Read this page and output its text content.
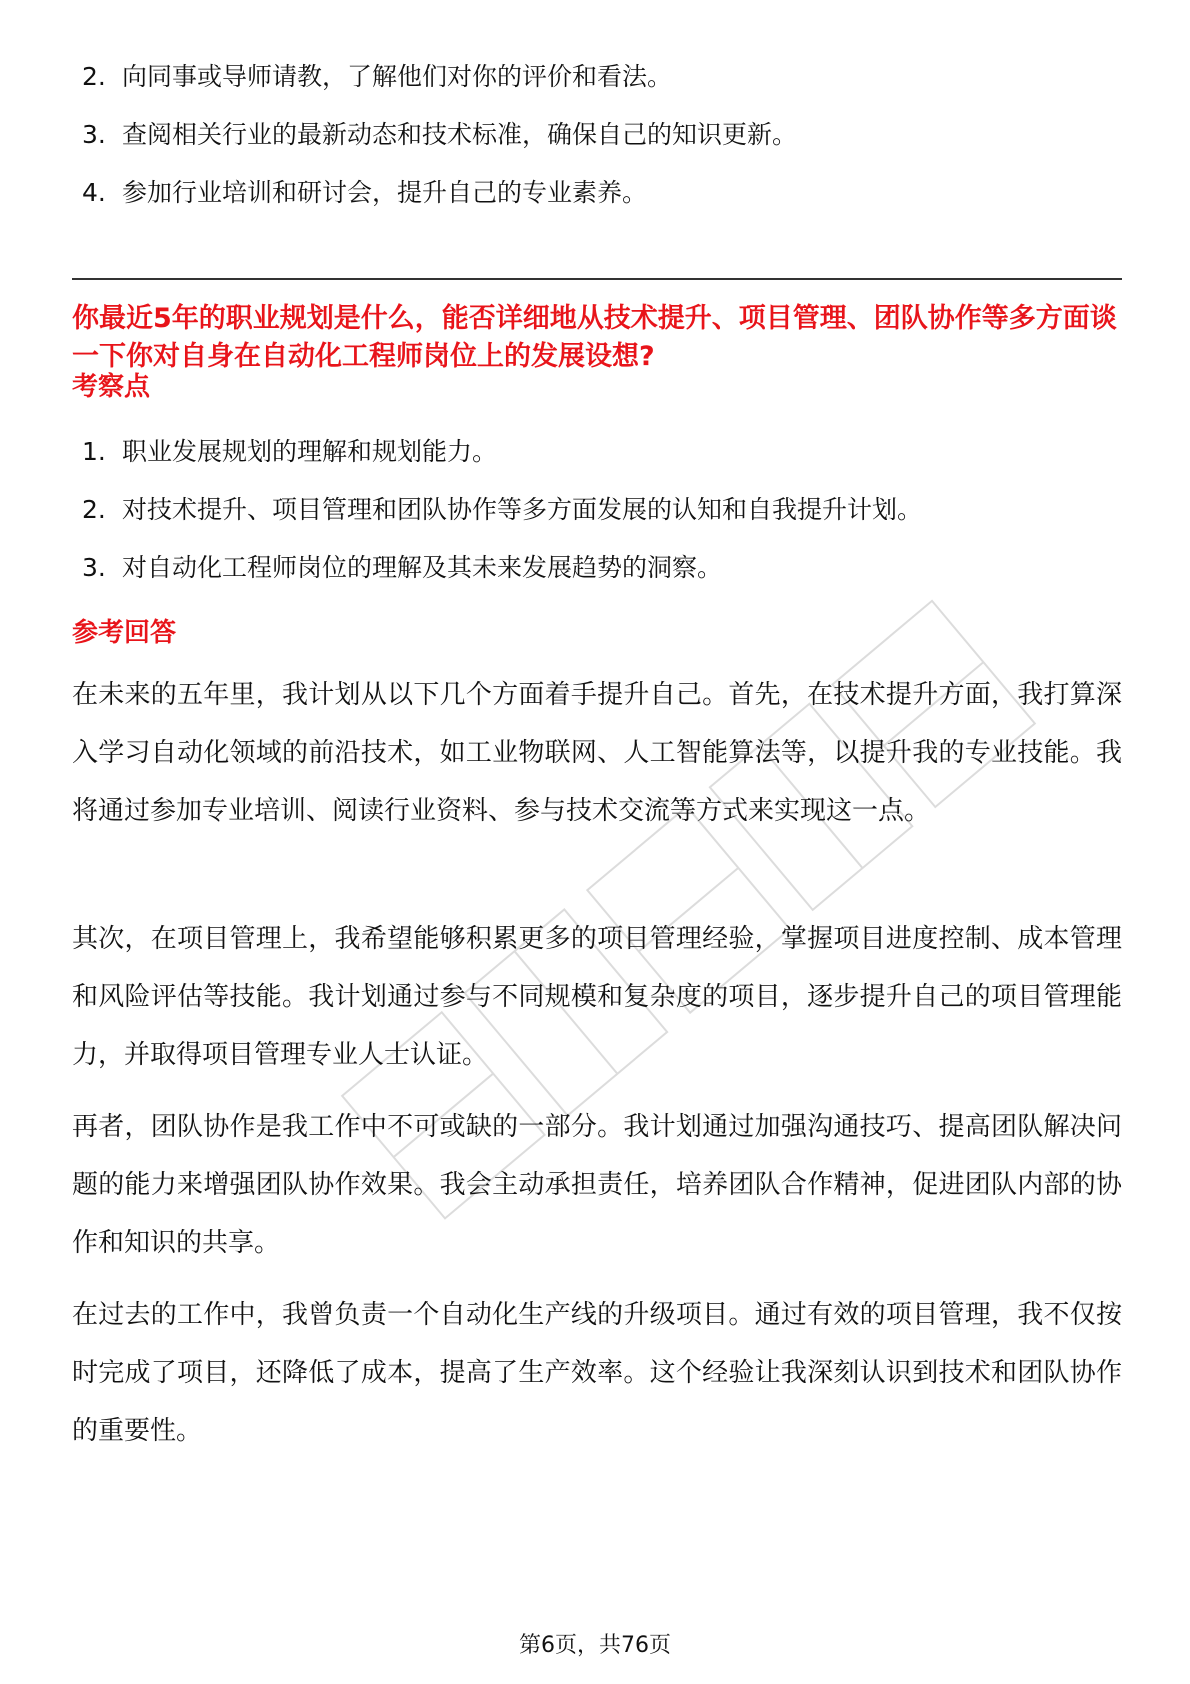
2. 向同事或导师请教，了解他们对你的评价和看法。
3. 查阅相关行业的最新动态和技术标准，确保自己的知识更新。
4. 参加行业培训和研讨会，提升自己的专业素养。
你最近5年的职业规划是什么，能否详细地从技术提升、项目管理、团队协作等多方面谈一下你对自身在自动化工程师岗位上的发展设想?
考察点
1. 职业发展规划的理解和规划能力。
2. 对技术提升、项目管理和团队协作等多方面发展的认知和自我提升计划。
3. 对自动化工程师岗位的理解及其未来发展趋势的洞察。
参考回答

在未来的五年里，我计划从以下几个方面着手提升自己。首先，在技术提升方面，我打算深入学习自动化领域的前沿技术，如工业物联网、人工智能算法等，以提升我的专业技能。我将通过参加专业培训、阅读行业资料、参与技术交流等方式来实现这一点。

其次，在项目管理上，我希望能够积累更多的项目管理经验，掌握项目进度控制、成本管理和风险评估等技能。我计划通过参与不同规模和复杂度的项目，逐步提升自己的项目管理能力，并取得项目管理专业人士认证。

再者，团队协作是我工作中不可或缺的一部分。我计划通过加强沟通技巧、提高团队解决问题的能力来增强团队协作效果。我会主动承担责任，培养团队合作精神，促进团队内部的协作和知识的共享。

在过去的工作中，我曾负责一个自动化生产线的升级项目。通过有效的项目管理，我不仅按时完成了项目，还降低了成本，提高了生产效率。这个经验让我深刻认识到技术和团队协作的重要性。

第6页，共76页
